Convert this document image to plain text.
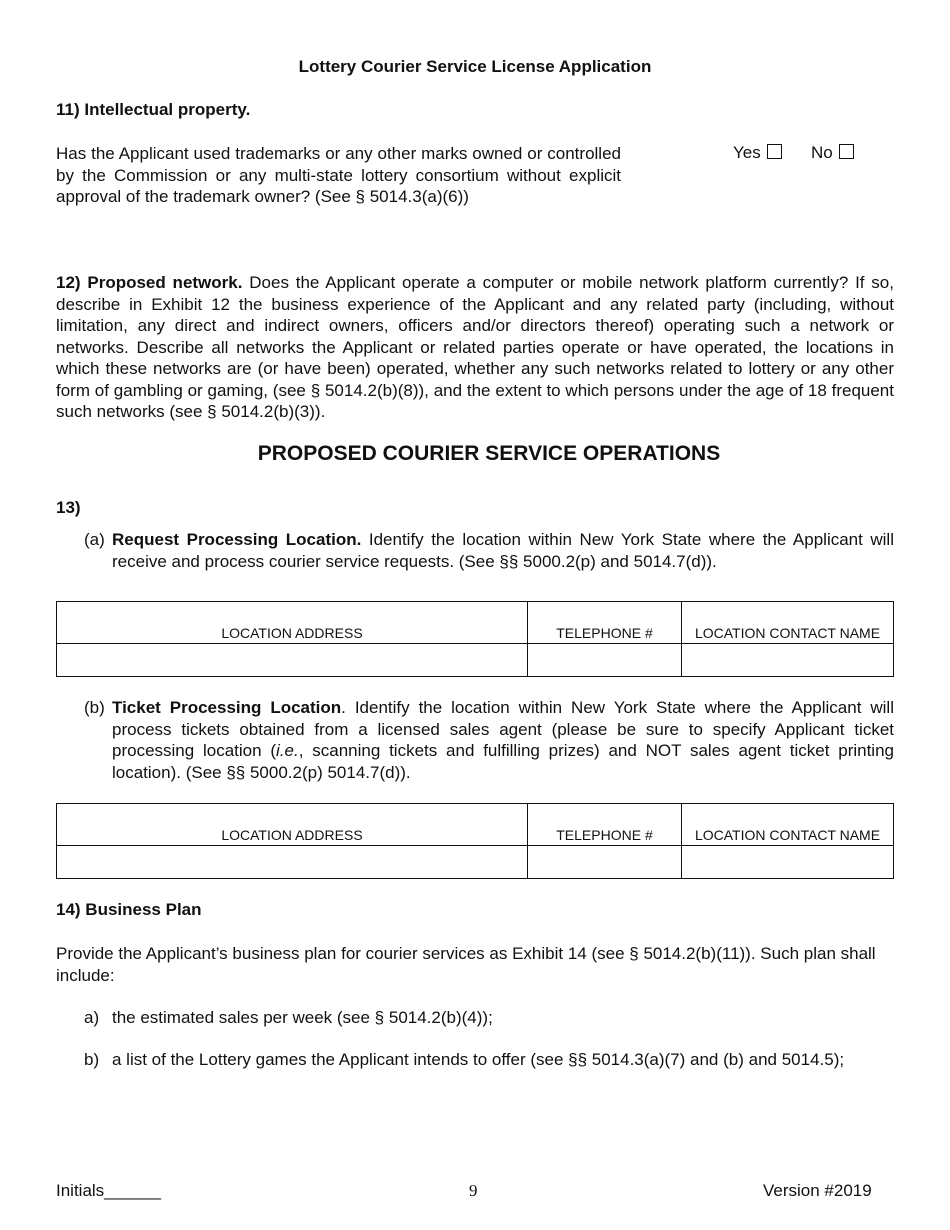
Lottery Courier Service License Application
11) Intellectual property.
Has the Applicant used trademarks or any other marks owned or controlled by the Commission or any multi-state lottery consortium without explicit approval of the trademark owner? (See § 5014.3(a)(6))
Yes	No
12) Proposed network. Does the Applicant operate a computer or mobile network platform currently? If so, describe in Exhibit 12 the business experience of the Applicant and any related party (including, without limitation, any direct and indirect owners, officers and/or directors thereof) operating such a network or networks. Describe all networks the Applicant or related parties operate or have operated, the locations in which these networks are (or have been) operated, whether any such networks related to lottery or any other form of gambling or gaming, (see § 5014.2(b)(8)), and the extent to which persons under the age of 18 frequent such networks (see § 5014.2(b)(3)).
PROPOSED COURIER SERVICE OPERATIONS
13)
(a) Request Processing Location. Identify the location within New York State where the Applicant will receive and process courier service requests. (See §§ 5000.2(p) and 5014.7(d)).
LOCATION ADDRESS	TELEPHONE #	LOCATION CONTACT NAME

(b) Ticket Processing Location. Identify the location within New York State where the Applicant will process tickets obtained from a licensed sales agent (please be sure to specify Applicant ticket processing location (i.e., scanning tickets and fulfilling prizes) and NOT sales agent ticket printing location). (See §§ 5000.2(p) 5014.7(d)).
LOCATION ADDRESS	TELEPHONE #	LOCATION CONTACT NAME

14) Business Plan
Provide the Applicant’s business plan for courier services as Exhibit 14 (see § 5014.2(b)(11)). Such plan shall include:
a) the estimated sales per week (see § 5014.2(b)(4));
b) a list of the Lottery games the Applicant intends to offer (see §§ 5014.3(a)(7) and (b) and 5014.5);
Initials______	9	Version #2019
